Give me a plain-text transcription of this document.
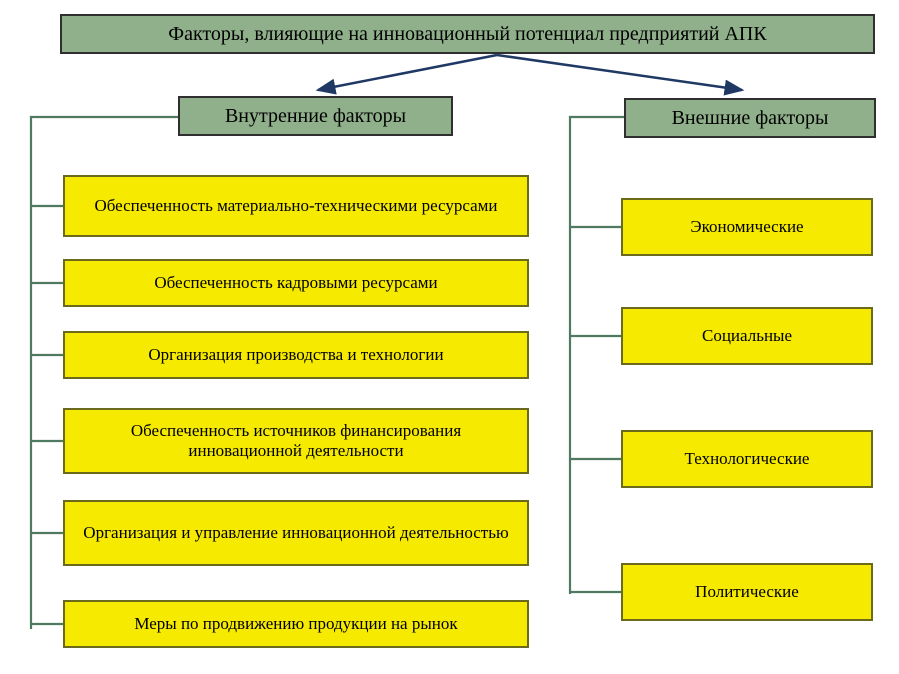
Факторы, влияющие на инновационный потенциал предприятий АПК
Внутренние факторы	Внешние факторы
Обеспеченность материально-техническими ресурсами
Обеспеченность кадровыми ресурсами
Организация производства и технологии
Обеспеченность источников финансирования инновационной деятельности
Организация и управление инновационной деятельностью
Меры по продвижению продукции на рынок
Экономические
Социальные
Технологические
Политические
